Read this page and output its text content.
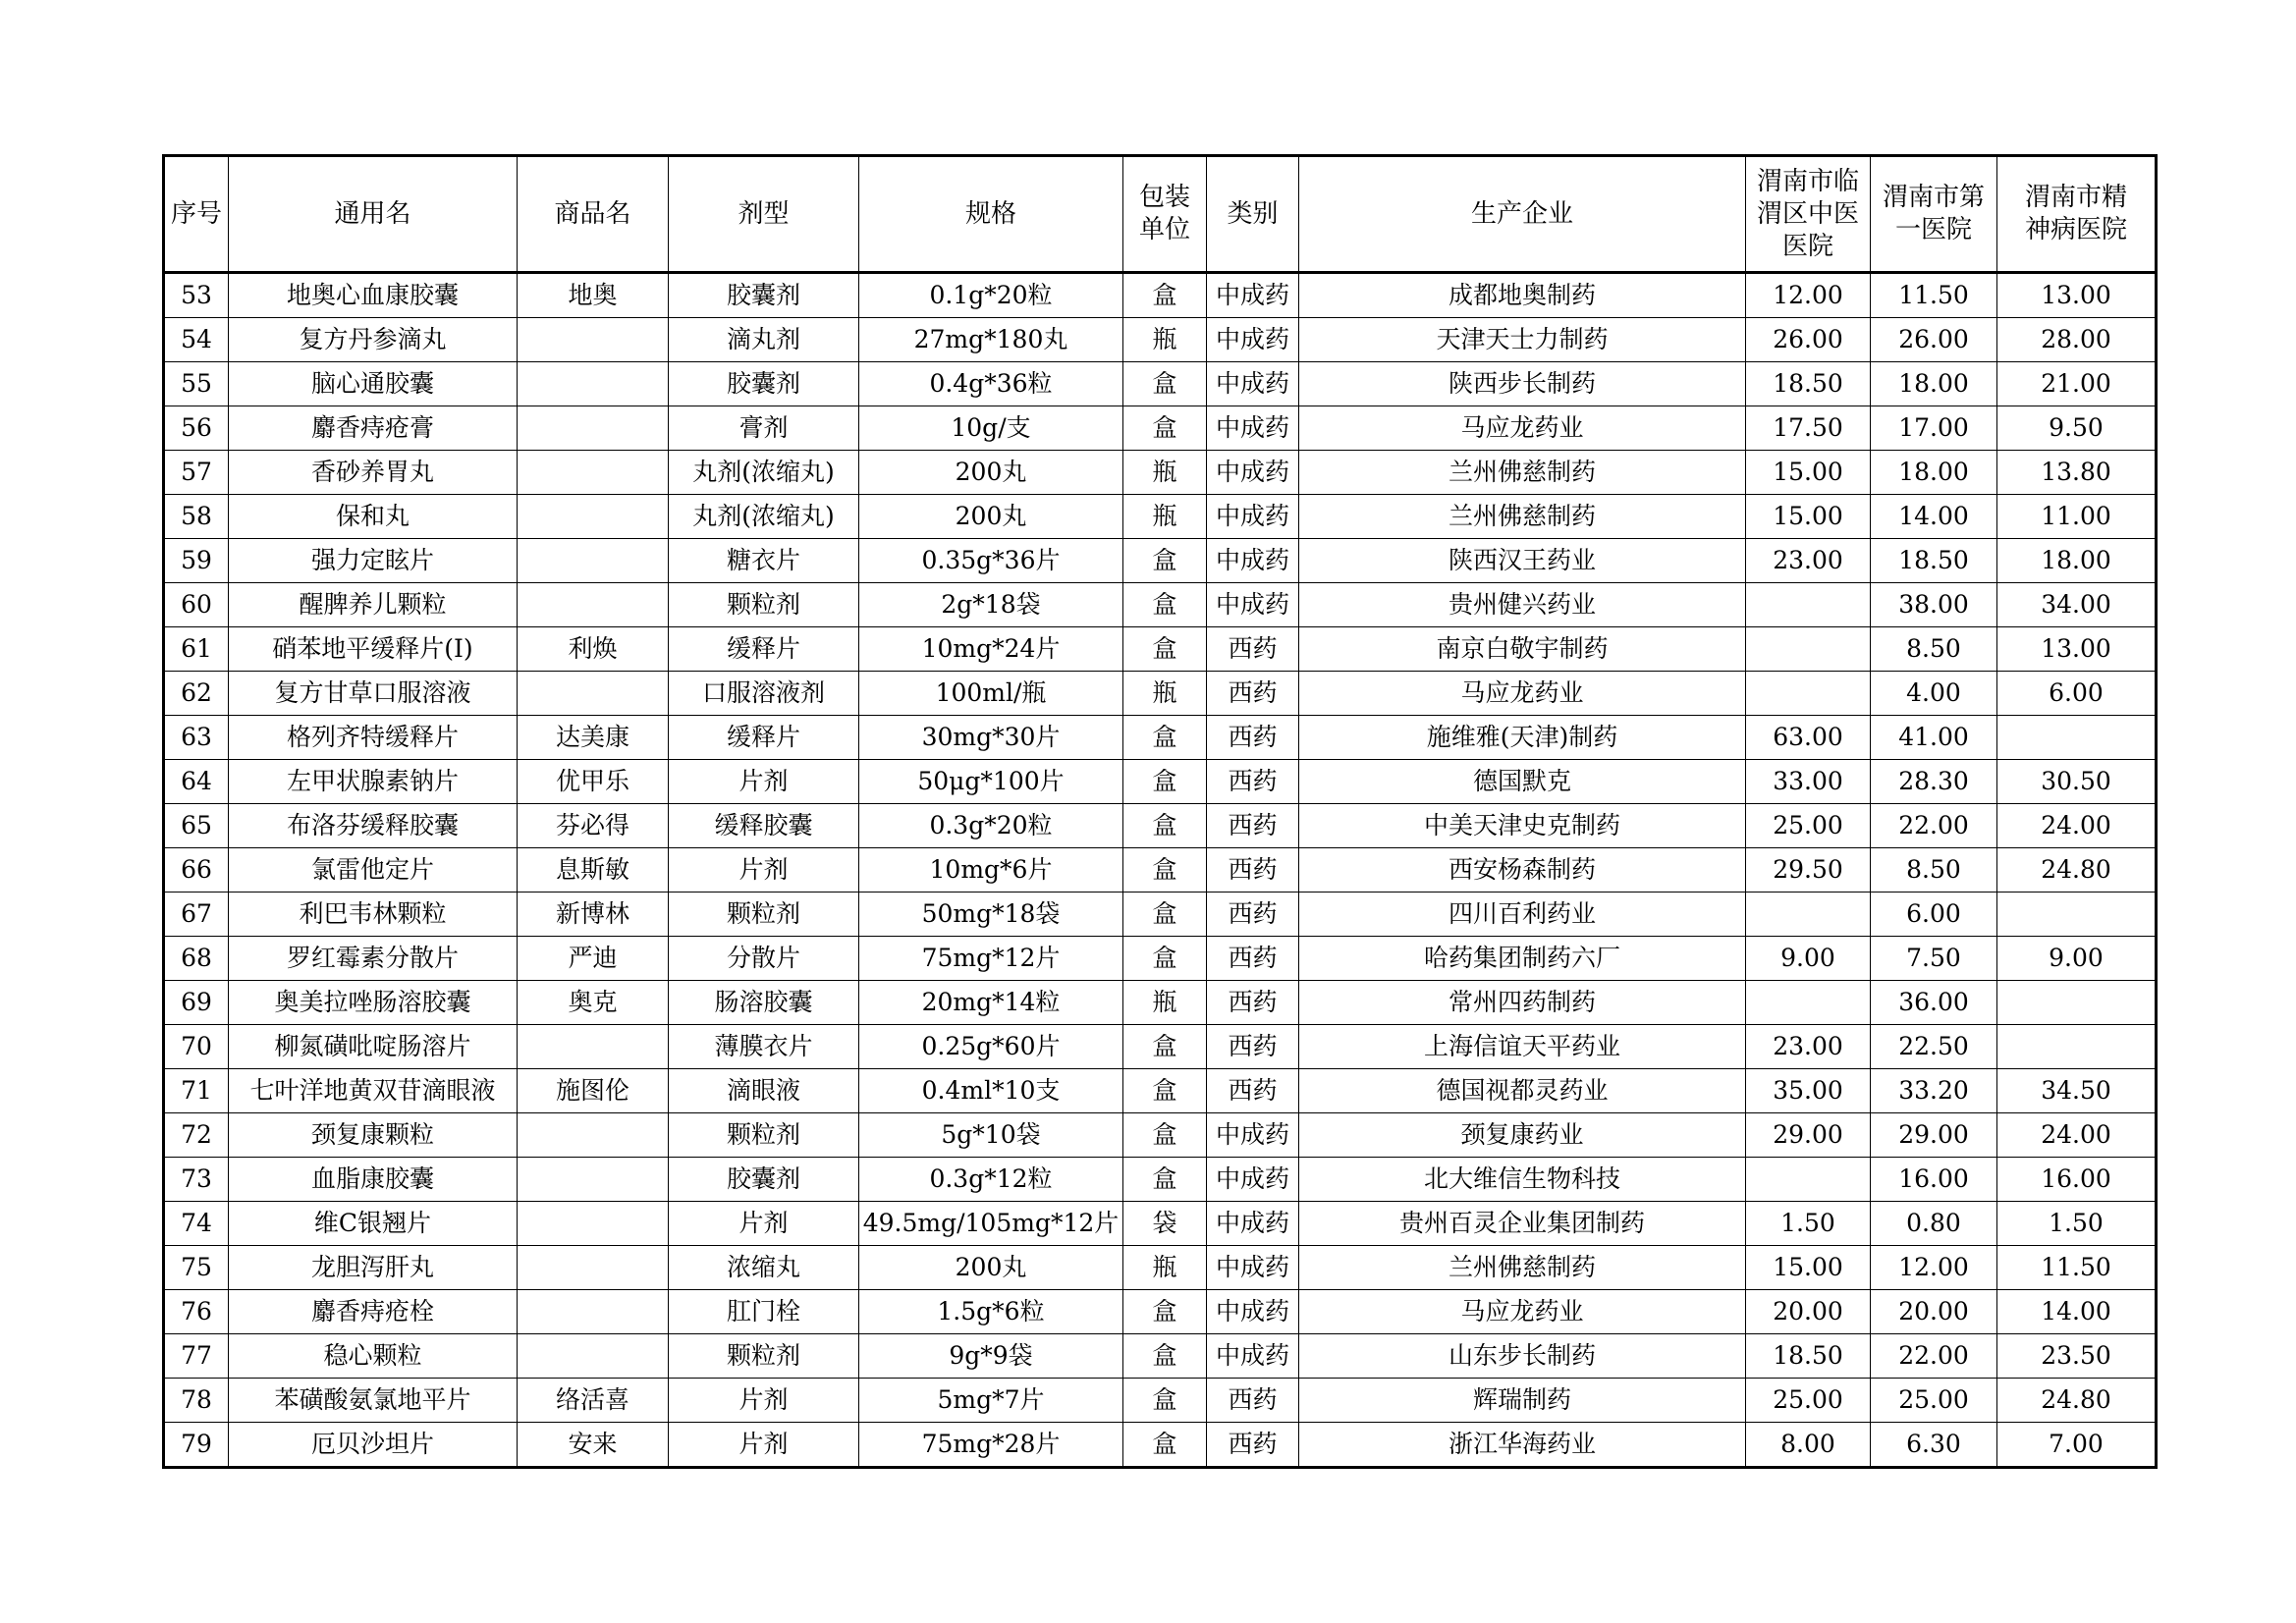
序号	通用名	商品名	剂型	规格	包装单位	类别	生产企业	渭南市临渭区中医医院	渭南市第一医院	渭南市精神病医院
53	地奥心血康胶囊	地奥	胶囊剂	0.1g*20粒	盒	中成药	成都地奥制药	12.00	11.50	13.00
54	复方丹参滴丸		滴丸剂	27mg*180丸	瓶	中成药	天津天士力制药	26.00	26.00	28.00
55	脑心通胶囊		胶囊剂	0.4g*36粒	盒	中成药	陕西步长制药	18.50	18.00	21.00
56	麝香痔疮膏		膏剂	10g/支	盒	中成药	马应龙药业	17.50	17.00	9.50
57	香砂养胃丸		丸剂(浓缩丸)	200丸	瓶	中成药	兰州佛慈制药	15.00	18.00	13.80
58	保和丸		丸剂(浓缩丸)	200丸	瓶	中成药	兰州佛慈制药	15.00	14.00	11.00
59	强力定眩片		糖衣片	0.35g*36片	盒	中成药	陕西汉王药业	23.00	18.50	18.00
60	醒脾养儿颗粒		颗粒剂	2g*18袋	盒	中成药	贵州健兴药业		38.00	34.00
61	硝苯地平缓释片(Ⅰ)	利焕	缓释片	10mg*24片	盒	西药	南京白敬宇制药		8.50	13.00
62	复方甘草口服溶液		口服溶液剂	100ml/瓶	瓶	西药	马应龙药业		4.00	6.00
63	格列齐特缓释片	达美康	缓释片	30mg*30片	盒	西药	施维雅(天津)制药	63.00	41.00	
64	左甲状腺素钠片	优甲乐	片剂	50μg*100片	盒	西药	德国默克	33.00	28.30	30.50
65	布洛芬缓释胶囊	芬必得	缓释胶囊	0.3g*20粒	盒	西药	中美天津史克制药	25.00	22.00	24.00
66	氯雷他定片	息斯敏	片剂	10mg*6片	盒	西药	西安杨森制药	29.50	8.50	24.80
67	利巴韦林颗粒	新博林	颗粒剂	50mg*18袋	盒	西药	四川百利药业		6.00	
68	罗红霉素分散片	严迪	分散片	75mg*12片	盒	西药	哈药集团制药六厂	9.00	7.50	9.00
69	奥美拉唑肠溶胶囊	奥克	肠溶胶囊	20mg*14粒	瓶	西药	常州四药制药		36.00	
70	柳氮磺吡啶肠溶片		薄膜衣片	0.25g*60片	盒	西药	上海信谊天平药业	23.00	22.50	
71	七叶洋地黄双苷滴眼液	施图伦	滴眼液	0.4ml*10支	盒	西药	德国视都灵药业	35.00	33.20	34.50
72	颈复康颗粒		颗粒剂	5g*10袋	盒	中成药	颈复康药业	29.00	29.00	24.00
73	血脂康胶囊		胶囊剂	0.3g*12粒	盒	中成药	北大维信生物科技		16.00	16.00
74	维C银翘片		片剂	49.5mg/105mg*12片	袋	中成药	贵州百灵企业集团制药	1.50	0.80	1.50
75	龙胆泻肝丸		浓缩丸	200丸	瓶	中成药	兰州佛慈制药	15.00	12.00	11.50
76	麝香痔疮栓		肛门栓	1.5g*6粒	盒	中成药	马应龙药业	20.00	20.00	14.00
77	稳心颗粒		颗粒剂	9g*9袋	盒	中成药	山东步长制药	18.50	22.00	23.50
78	苯磺酸氨氯地平片	络活喜	片剂	5mg*7片	盒	西药	辉瑞制药	25.00	25.00	24.80
79	厄贝沙坦片	安来	片剂	75mg*28片	盒	西药	浙江华海药业	8.00	6.30	7.00
